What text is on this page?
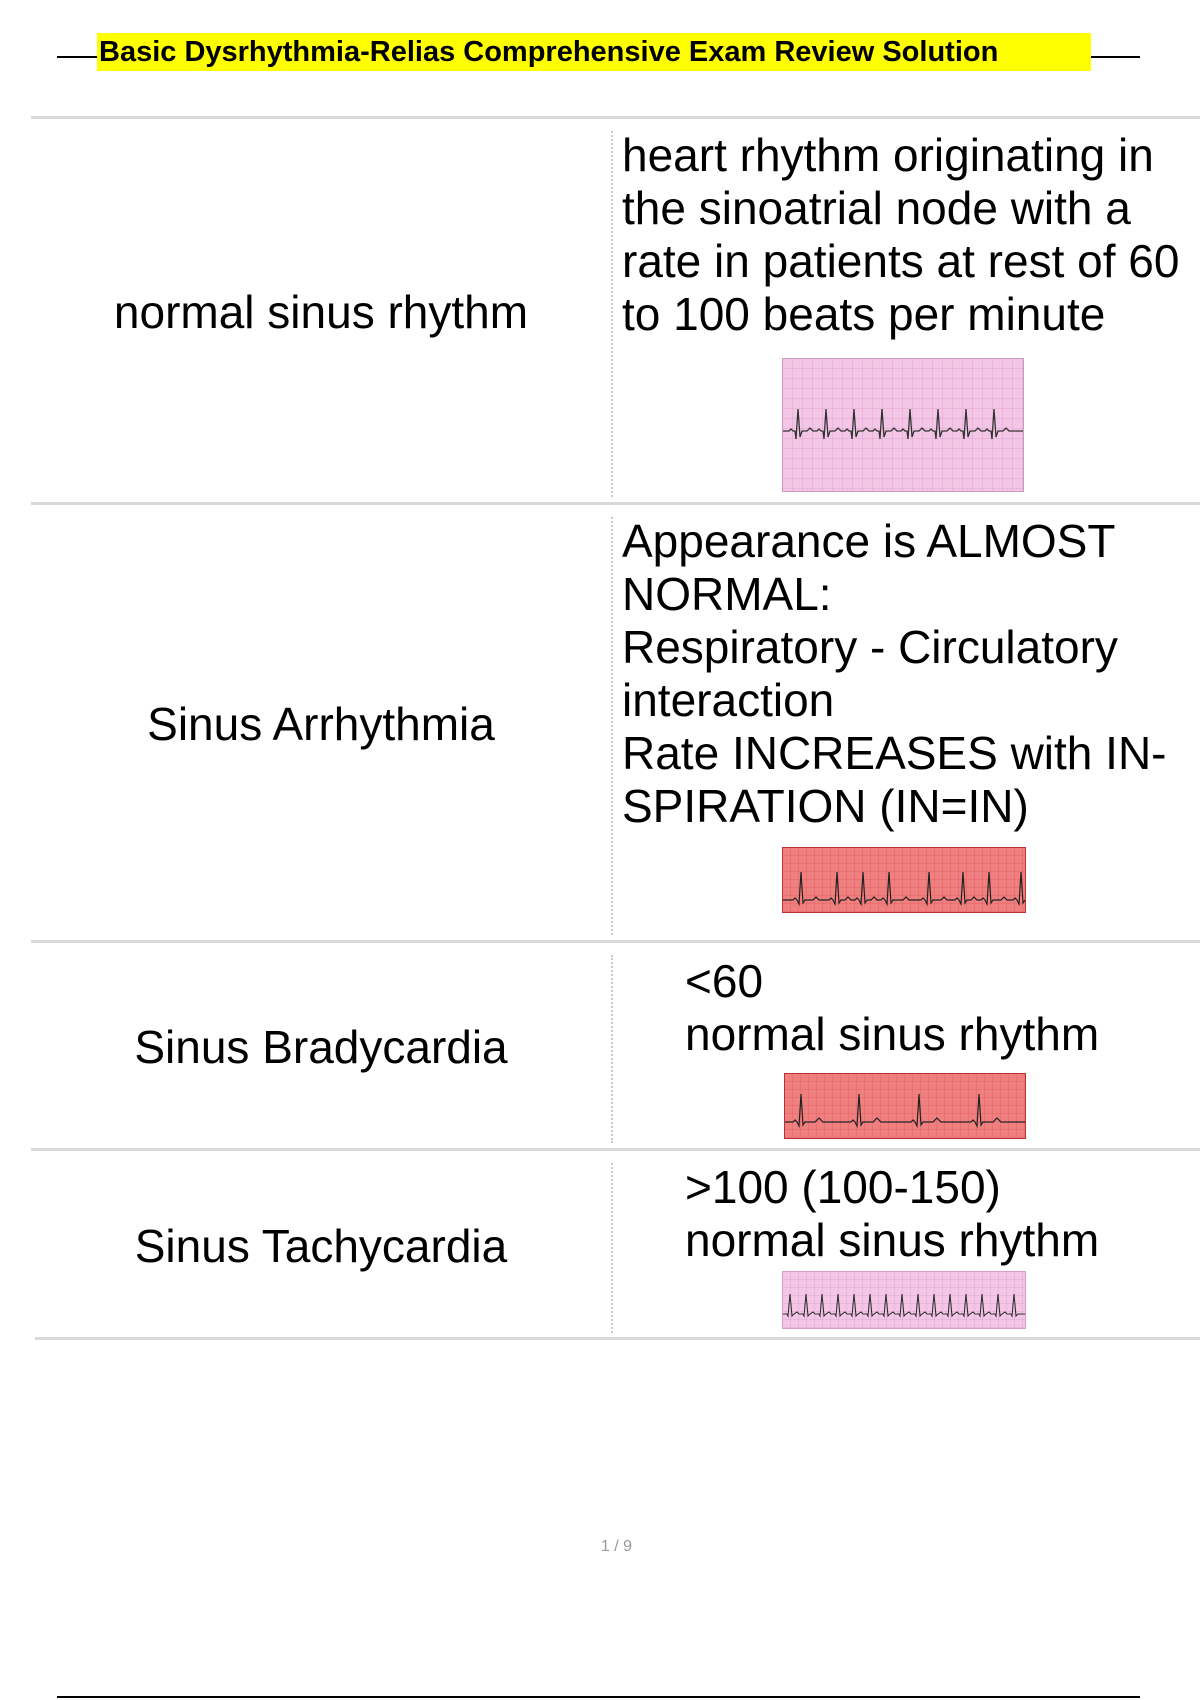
Basic Dysrhythmia-Relias Comprehensive Exam Review Solution
normal sinus rhythm
heart rhythm originating in
the sinoatrial node with a
rate in patients at rest of 60
to 100 beats per minute
Sinus Arrhythmia
Appearance is ALMOST
NORMAL:
Respiratory - Circulatory
interaction
Rate INCREASES with IN-
SPIRATION (IN=IN)
Sinus Bradycardia
<60
normal sinus rhythm
Sinus Tachycardia
>100 (100-150)
normal sinus rhythm
1 / 9
